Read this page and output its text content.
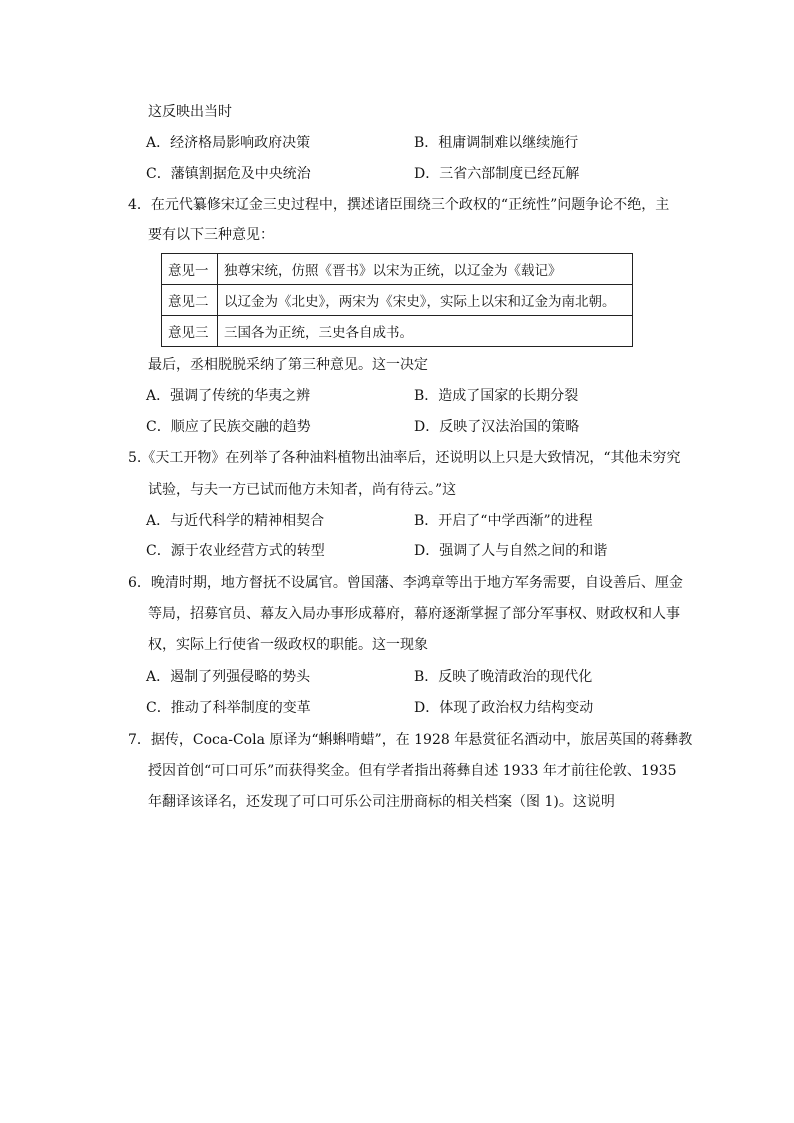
这反映出当时
A．经济格局影响政府决策	B．租庸调制难以继续施行
C．藩镇割据危及中央统治	D．三省六部制度已经瓦解
4．在元代纂修宋辽金三史过程中，撰述诸臣围绕三个政权的“正统性”问题争论不绝，主
要有以下三种意见：
意见一	独尊宋统，仿照《晋书》以宋为正统，以辽金为《载记》
意见二	以辽金为《北史》，两宋为《宋史》，实际上以宋和辽金为南北朝。
意见三	三国各为正统，三史各自成书。
最后，丞相脱脱采纳了第三种意见。这一决定
A．强调了传统的华夷之辨	B．造成了国家的长期分裂
C．顺应了民族交融的趋势	D．反映了汉法治国的策略
5.《天工开物》在列举了各种油料植物出油率后，还说明以上只是大致情况，“其他未穷究
试验，与夫一方已试而他方未知者，尚有待云。”这
A．与近代科学的精神相契合	B．开启了“中学西渐”的进程
C．源于农业经营方式的转型	D．强调了人与自然之间的和谐
6．晚清时期，地方督抚不设属官。曾国藩、李鸿章等出于地方军务需要，自设善后、厘金
等局，招募官员、幕友入局办事形成幕府，幕府逐渐掌握了部分军事权、财政权和人事
权，实际上行使省一级政权的职能。这一现象
A．遏制了列强侵略的势头	B．反映了晚清政治的现代化
C．推动了科举制度的变革	D．体现了政治权力结构变动
7．据传，Coca-Cola 原译为“蝌蝌啃蜡”，在 1928 年悬赏征名酒动中，旅居英国的蒋彝教
授因首创“可口可乐”而获得奖金。但有学者指出蒋彝自述 1933 年才前往伦敦、1935
年翻译该译名，还发现了可口可乐公司注册商标的相关档案（图 1)。这说明
